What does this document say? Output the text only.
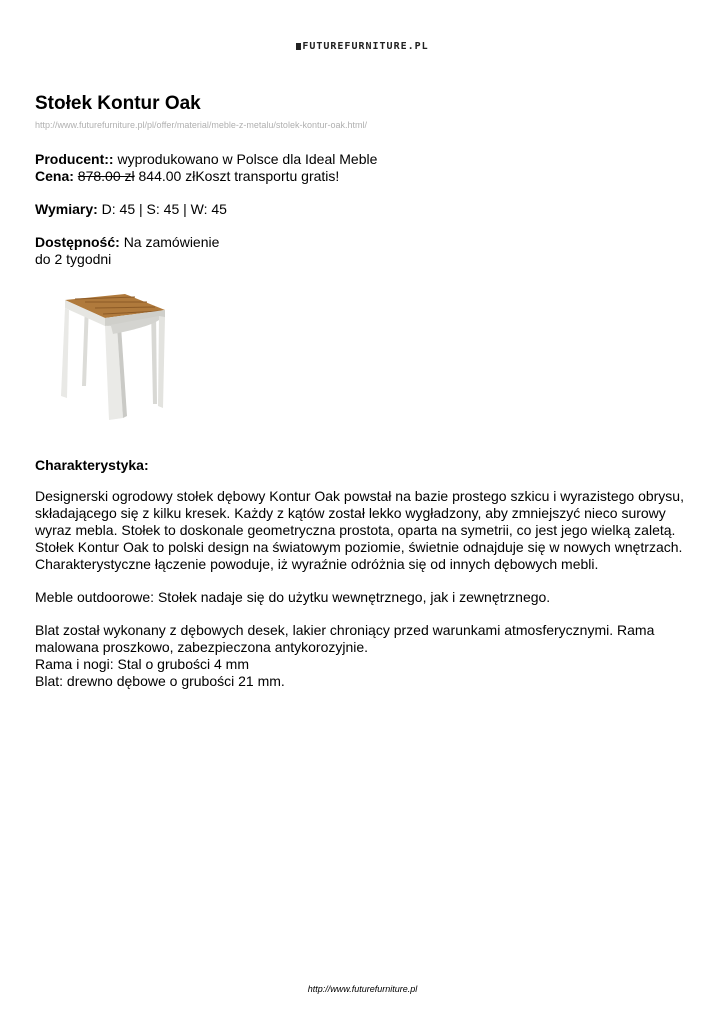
FUTUREFURNITURE.PL
Stołek Kontur Oak
http://www.futurefurniture.pl/pl/offer/material/meble-z-metalu/stolek-kontur-oak.html/
Producent:: wyprodukowano w Polsce dla Ideal Meble
Cena: 878.00 zł 844.00 złKoszt transportu gratis!
Wymiary: D: 45 | S: 45 | W: 45
Dostępność: Na zamówienie
do 2 tygodni
Charakterystyka:

Designerski ogrodowy stołek dębowy Kontur Oak powstał na bazie prostego szkicu i wyrazistego obrysu, składającego się z kilku kresek. Każdy z kątów został lekko wygładzony, aby zmniejszyć nieco surowy wyraz mebla. Stołek to doskonale geometryczna prostota, oparta na symetrii, co jest jego wielką zaletą. Stołek Kontur Oak to polski design na światowym poziomie, świetnie odnajduje się w nowych wnętrzach. Charakterystyczne łączenie powoduje, iż wyraźnie odróżnia się od innych dębowych mebli.

Meble outdoorowe: Stołek nadaje się do użytku wewnętrznego, jak i zewnętrznego.

Blat został wykonany z dębowych desek, lakier chroniący przed warunkami atmosferycznymi. Rama malowana proszkowo, zabezpieczona antykorozyjnie.
Rama i nogi: Stal o grubości 4 mm
Blat: drewno dębowe o grubości 21 mm.
http://www.futurefurniture.pl
